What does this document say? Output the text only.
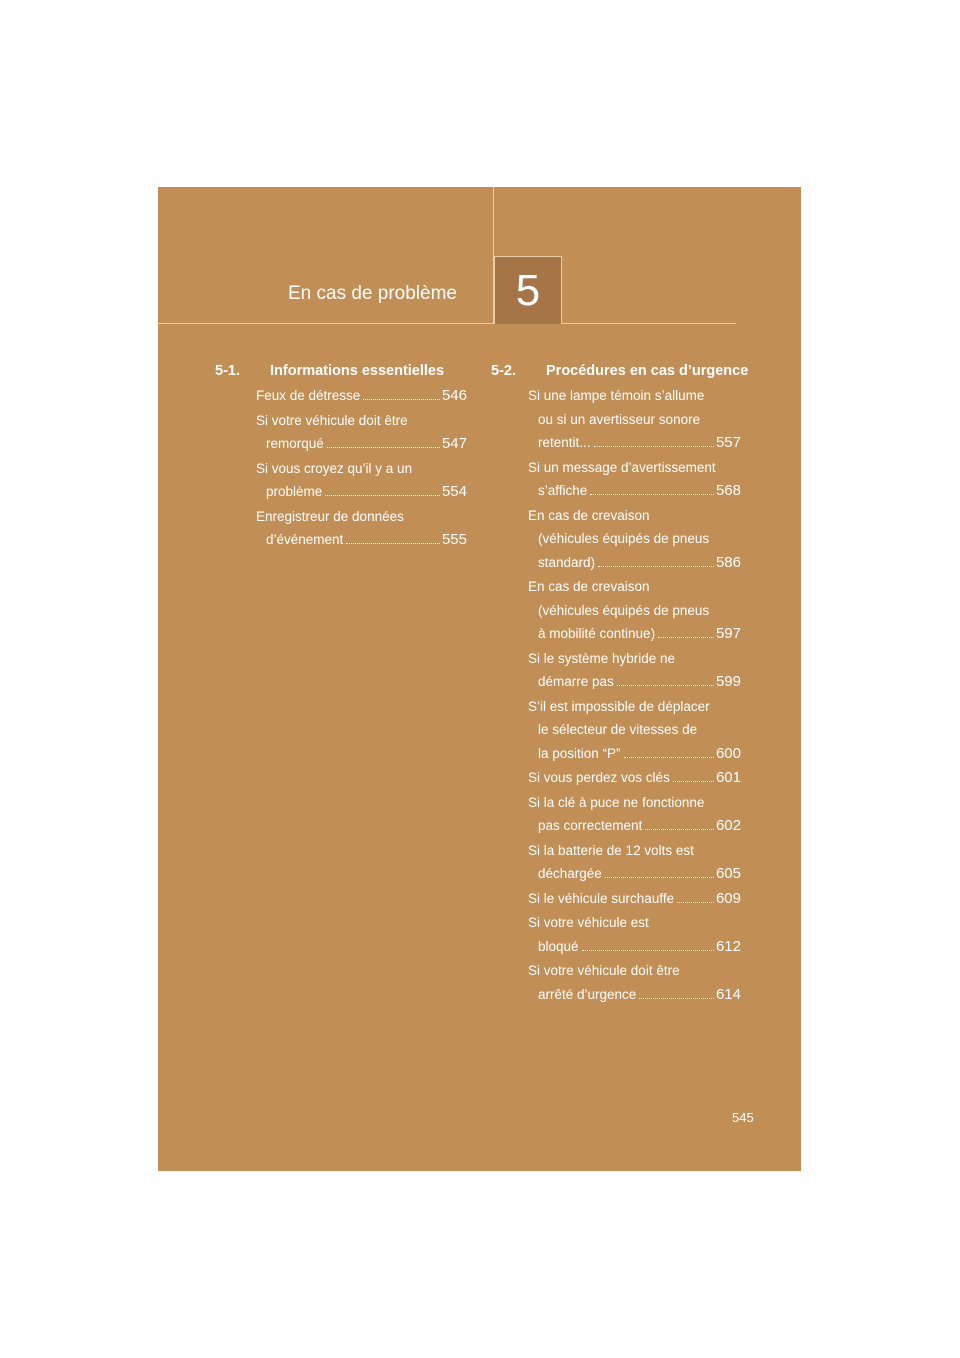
En cas de problème 5
5-1.	Informations essentielles
Feux de détresse	546
Si votre véhicule doit être
remorqué	547
Si vous croyez qu’il y a un
problème	554
Enregistreur de données
d’événement	555
5-2.	Procédures en cas d’urgence
Si une lampe témoin s’allume
ou si un avertisseur sonore
retentit...	557
Si un message d’avertissement
s’affiche	568
En cas de crevaison
(véhicules équipés de pneus
standard)	586
En cas de crevaison
(véhicules équipés de pneus
à mobilité continue)	597
Si le système hybride ne
démarre pas	599
S’il est impossible de déplacer
le sélecteur de vitesses de
la position “P”	600
Si vous perdez vos clés	601
Si la clé à puce ne fonctionne
pas correctement	602
Si la batterie de 12 volts est
déchargée	605
Si le véhicule surchauffe	609
Si votre véhicule est
bloqué	612
Si votre véhicule doit être
arrêté d’urgence	614
545
